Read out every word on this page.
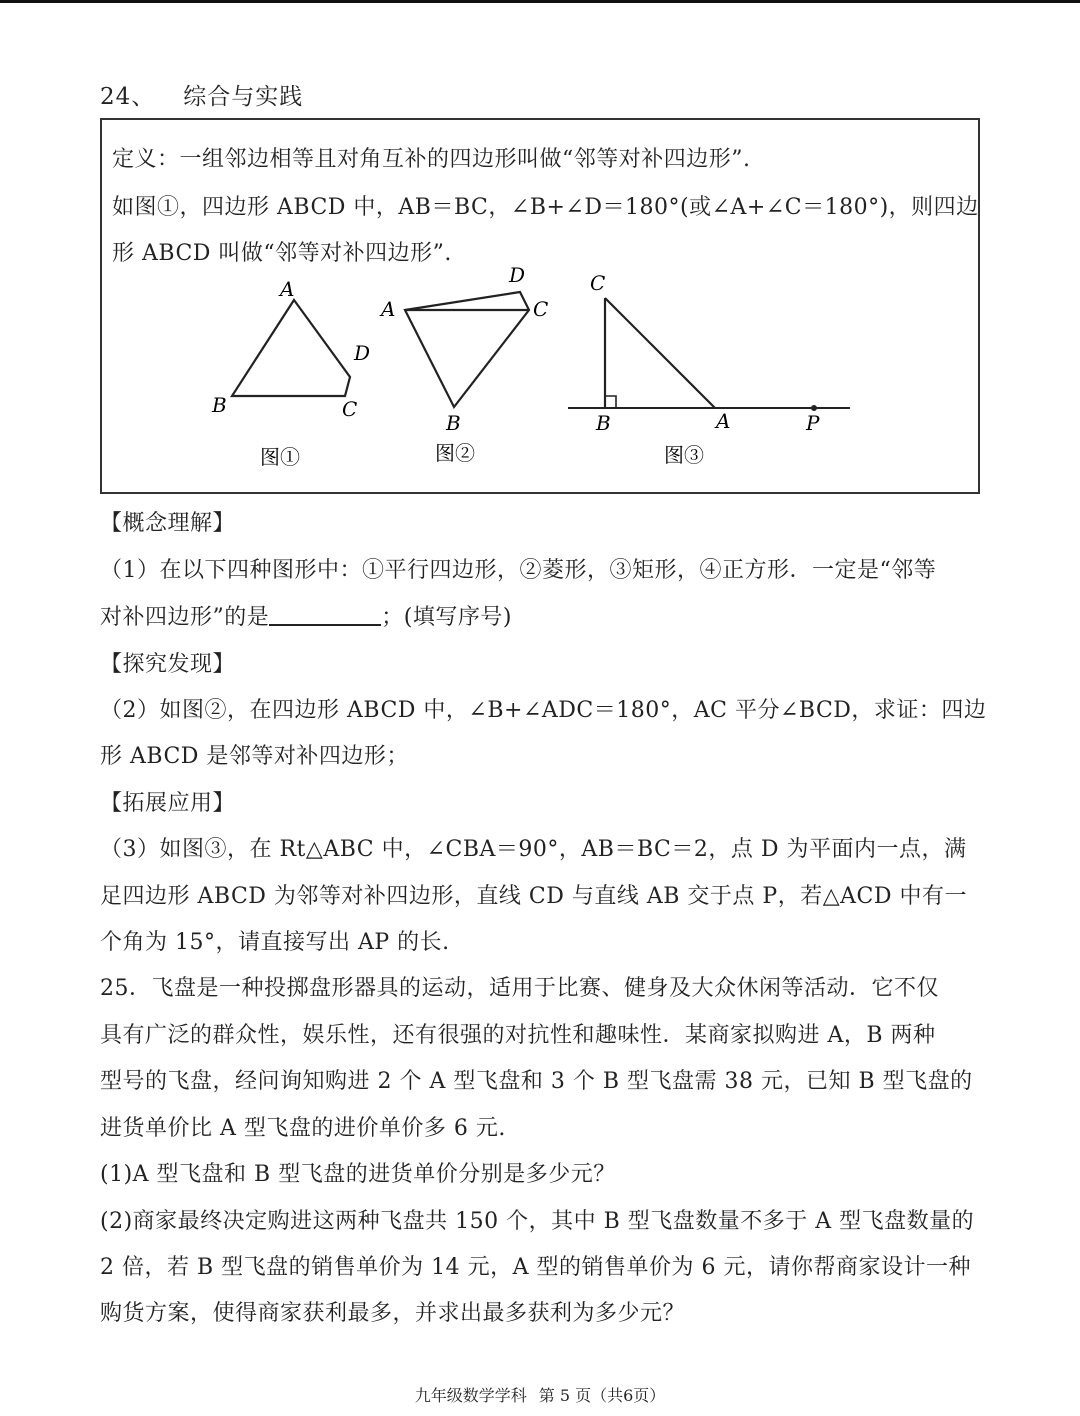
24、 综合与实践
定义：一组邻边相等且对角互补的四边形叫做“邻等对补四边形”.
如图①，四边形 ABCD 中，AB＝BC，∠B+∠D＝180°(或∠A+∠C＝180°)，则四边
形 ABCD 叫做“邻等对补四边形”.
A
B	C
D
图①
A
B
C
D
图②
C
B	A	P
图③
【概念理解】
（1）在以下四种图形中：①平行四边形，②菱形，③矩形，④正方形．一定是“邻等
对补四边形”的是	；(填写序号)
【探究发现】
（2）如图②，在四边形 ABCD 中，∠B+∠ADC＝180°，AC 平分∠BCD，求证：四边
形 ABCD 是邻等对补四边形；
【拓展应用】
（3）如图③，在 Rt△ABC 中，∠CBA＝90°，AB＝BC＝2，点 D 为平面内一点，满
足四边形 ABCD 为邻等对补四边形，直线 CD 与直线 AB 交于点 P，若△ACD 中有一
个角为 15°，请直接写出 AP 的长.
25．飞盘是一种投掷盘形器具的运动，适用于比赛、健身及大众休闲等活动．它不仅
具有广泛的群众性，娱乐性，还有很强的对抗性和趣味性．某商家拟购进 A，B 两种
型号的飞盘，经问询知购进 2 个 A 型飞盘和 3 个 B 型飞盘需 38 元，已知 B 型飞盘的
进货单价比 A 型飞盘的进价单价多 6 元.
(1)A 型飞盘和 B 型飞盘的进货单价分别是多少元？
(2)商家最终决定购进这两种飞盘共 150 个，其中 B 型飞盘数量不多于 A 型飞盘数量的
2 倍，若 B 型飞盘的销售单价为 14 元，A 型的销售单价为 6 元，请你帮商家设计一种
购货方案，使得商家获利最多，并求出最多获利为多少元？
九年级数学学科 第 5 页（共6页）
